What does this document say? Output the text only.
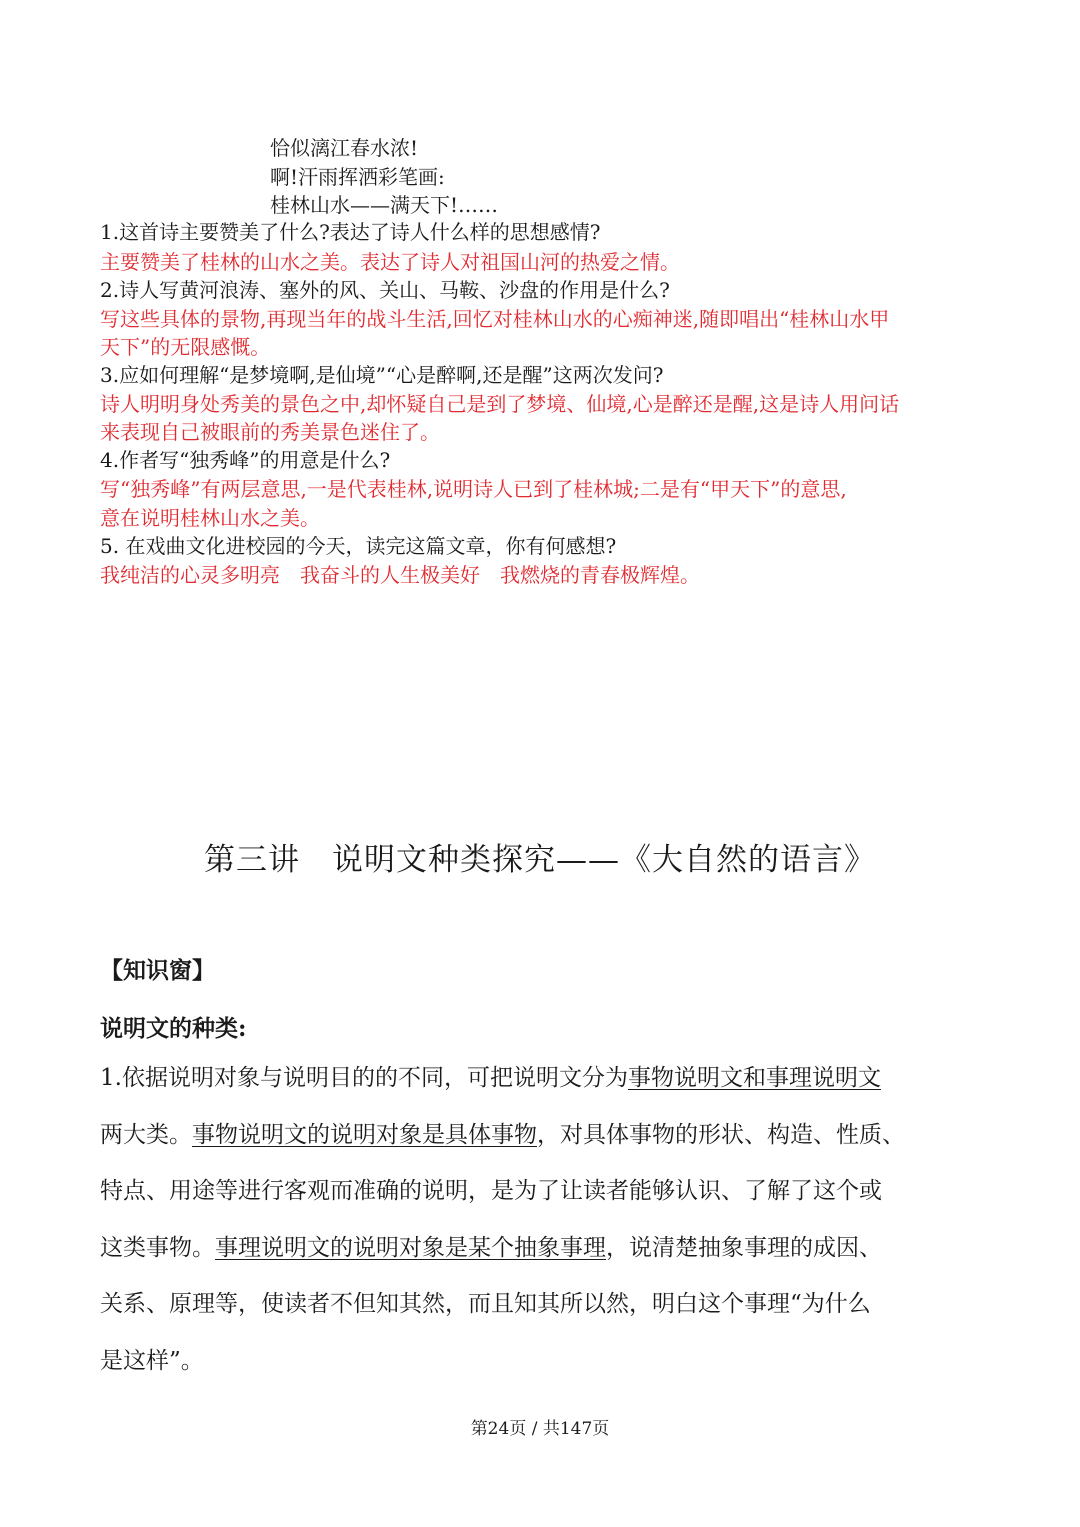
恰似漓江春水浓!
啊!汗雨挥洒彩笔画:
桂林山水——满天下!……
1.这首诗主要赞美了什么?表达了诗人什么样的思想感情?
主要赞美了桂林的山水之美。表达了诗人对祖国山河的热爱之情。
2.诗人写黄河浪涛、塞外的风、关山、马鞍、沙盘的作用是什么?
写这些具体的景物,再现当年的战斗生活,回忆对桂林山水的心痴神迷,随即唱出“桂林山水甲
天下”的无限感慨。
3.应如何理解“是梦境啊,是仙境”“心是醉啊,还是醒”这两次发问?
诗人明明身处秀美的景色之中,却怀疑自己是到了梦境、仙境,心是醉还是醒,这是诗人用问话
来表现自己被眼前的秀美景色迷住了。
4.作者写“独秀峰”的用意是什么?
写“独秀峰”有两层意思,一是代表桂林,说明诗人已到了桂林城;二是有“甲天下”的意思,
意在说明桂林山水之美。
5. 在戏曲文化进校园的今天，读完这篇文章，你有何感想?
我纯洁的心灵多明亮　我奋斗的人生极美好　我燃烧的青春极辉煌。
第三讲　说明文种类探究——《大自然的语言》
【知识窗】
说明文的种类:

1.依据说明对象与说明目的的不同，可把说明文分为事物说明文和事理说明文

两大类。事物说明文的说明对象是具体事物，对具体事物的形状、构造、性质、

特点、用途等进行客观而准确的说明，是为了让读者能够认识、了解了这个或

这类事物。事理说明文的说明对象是某个抽象事理，说清楚抽象事理的成因、

关系、原理等，使读者不但知其然，而且知其所以然，明白这个事理“为什么

是这样”。

第24页 / 共147页
